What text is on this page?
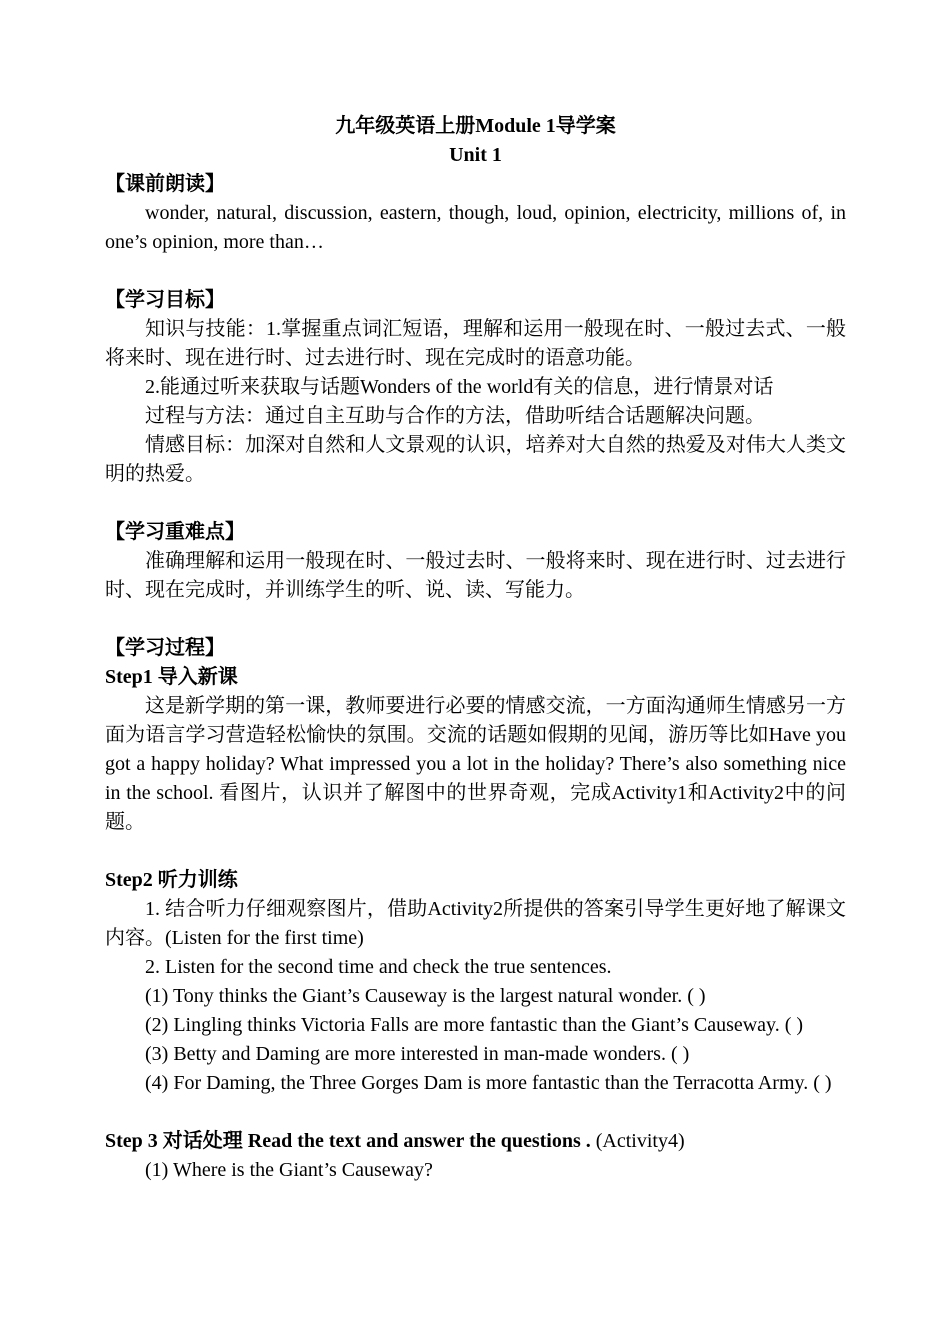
九年级英语上册Module 1导学案

Unit 1

【课前朗读】

wonder, natural, discussion, eastern, though, loud, opinion, electricity, millions of, in one’s opinion, more than…

【学习目标】

知识与技能：1.掌握重点词汇短语，理解和运用一般现在时、一般过去式、一般将来时、现在进行时、过去进行时、现在完成时的语意功能。

2.能通过听来获取与话题Wonders of the world有关的信息，进行情景对话

过程与方法：通过自主互助与合作的方法，借助听结合话题解决问题。

情感目标：加深对自然和人文景观的认识，培养对大自然的热爱及对伟大人类文明的热爱。

【学习重难点】

准确理解和运用一般现在时、一般过去时、一般将来时、现在进行时、过去进行时、现在完成时，并训练学生的听、说、读、写能力。

【学习过程】

Step1 导入新课

这是新学期的第一课，教师要进行必要的情感交流，一方面沟通师生情感另一方面为语言学习营造轻松愉快的氛围。交流的话题如假期的见闻，游历等比如Have you got a happy holiday? What impressed you a lot in the holiday? There’s also something nice in the school. 看图片，认识并了解图中的世界奇观，完成Activity1和Activity2中的问题。

Step2 听力训练

1. 结合听力仔细观察图片，借助Activity2所提供的答案引导学生更好地了解课文内容。(Listen for the first time)

2. Listen for the second time and check the true sentences.

(1) Tony thinks the Giant’s Causeway is the largest natural wonder. ( )

(2) Lingling thinks Victoria Falls are more fantastic than the Giant’s Causeway. ( )

(3) Betty and Daming are more interested in man-made wonders. ( )

(4) For Daming, the Three Gorges Dam is more fantastic than the Terracotta Army. ( )

Step 3 对话处理 Read the text and answer the questions . (Activity4)

(1) Where is the Giant’s Causeway?
